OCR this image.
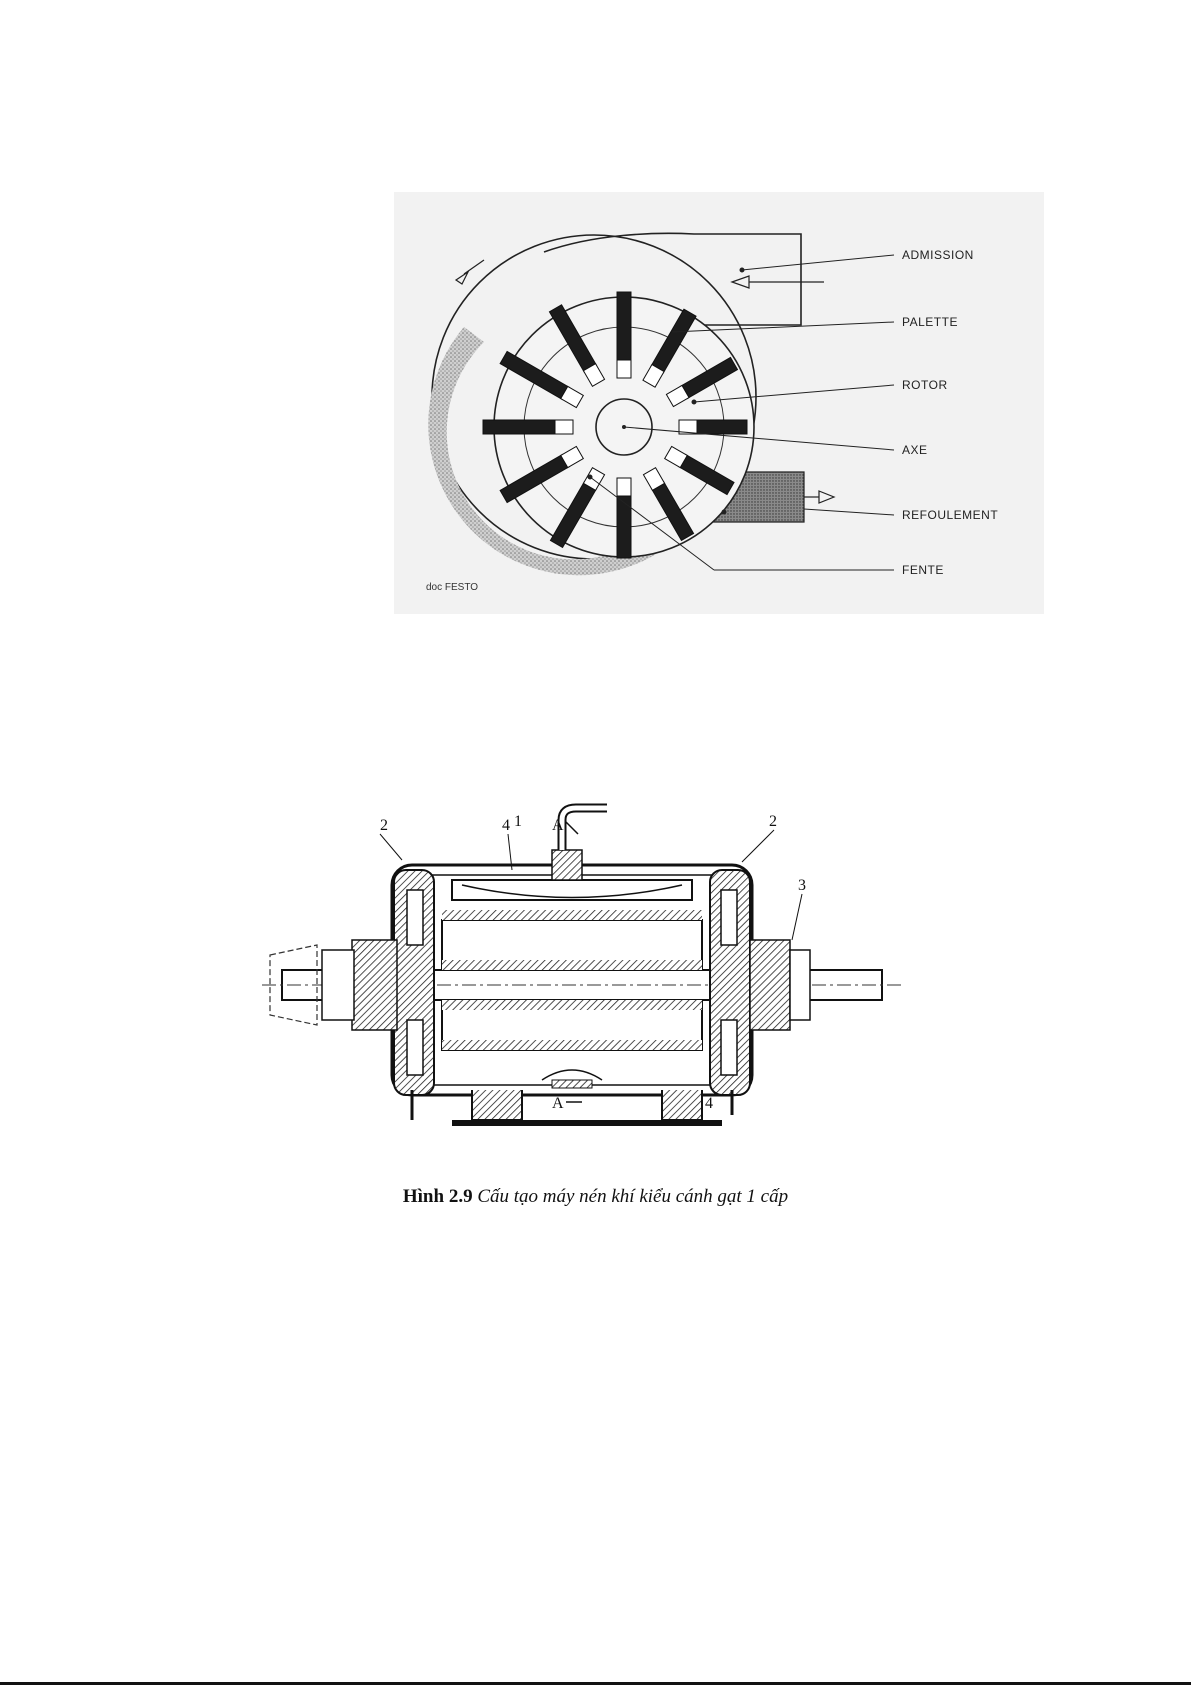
ADMISSION
PALETTE
ROTOR
AXE
REFOULEMENT
FENTE
doc FESTO
2	4 1 A	2
3
A	4
Hình 2.9 Cấu tạo máy nén khí kiểu cánh gạt 1 cấp
